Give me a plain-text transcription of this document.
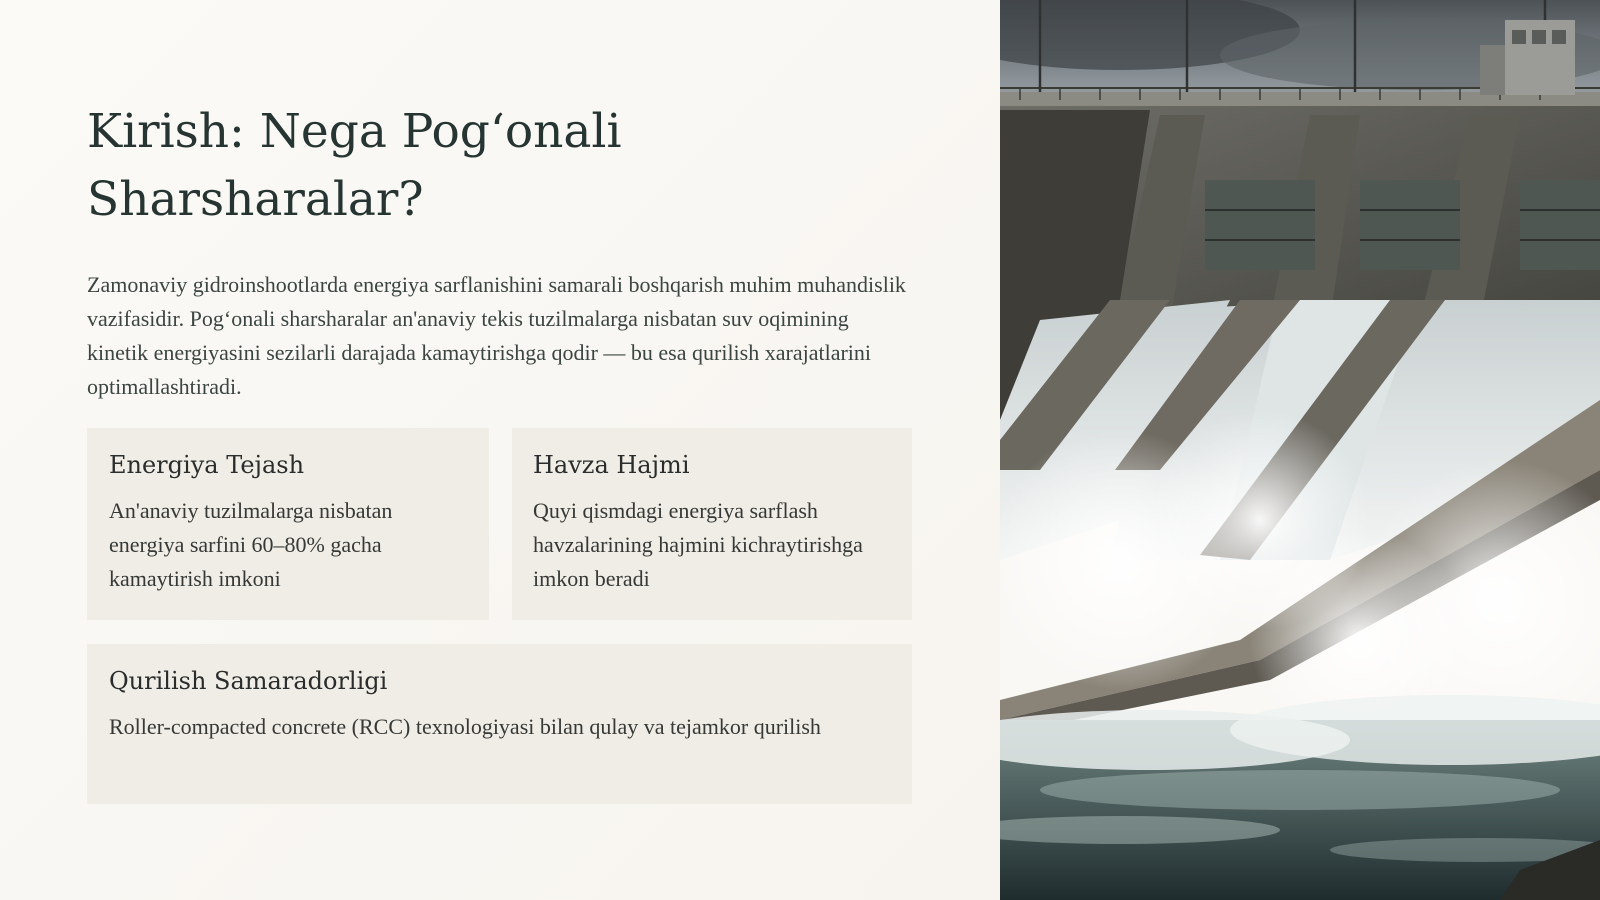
Kirish: Nega Pogʻonali Sharsharalar?

Zamonaviy gidroinshootlarda energiya sarflanishini samarali boshqarish muhim muhandislik vazifasidir. Pogʻonali sharsharalar an'anaviy tekis tuzilmalarga nisbatan suv oqimining kinetik energiyasini sezilarli darajada kamaytirishga qodir — bu esa qurilish xarajatlarini optimallashtiradi.

Energiya Tejash

An'anaviy tuzilmalarga nisbatan energiya sarfini 60–80% gacha kamaytirish imkoni

Havza Hajmi

Quyi qismdagi energiya sarflash havzalarining hajmini kichraytirishga imkon beradi

Qurilish Samaradorligi

Roller-compacted concrete (RCC) texnologiyasi bilan qulay va tejamkor qurilish
